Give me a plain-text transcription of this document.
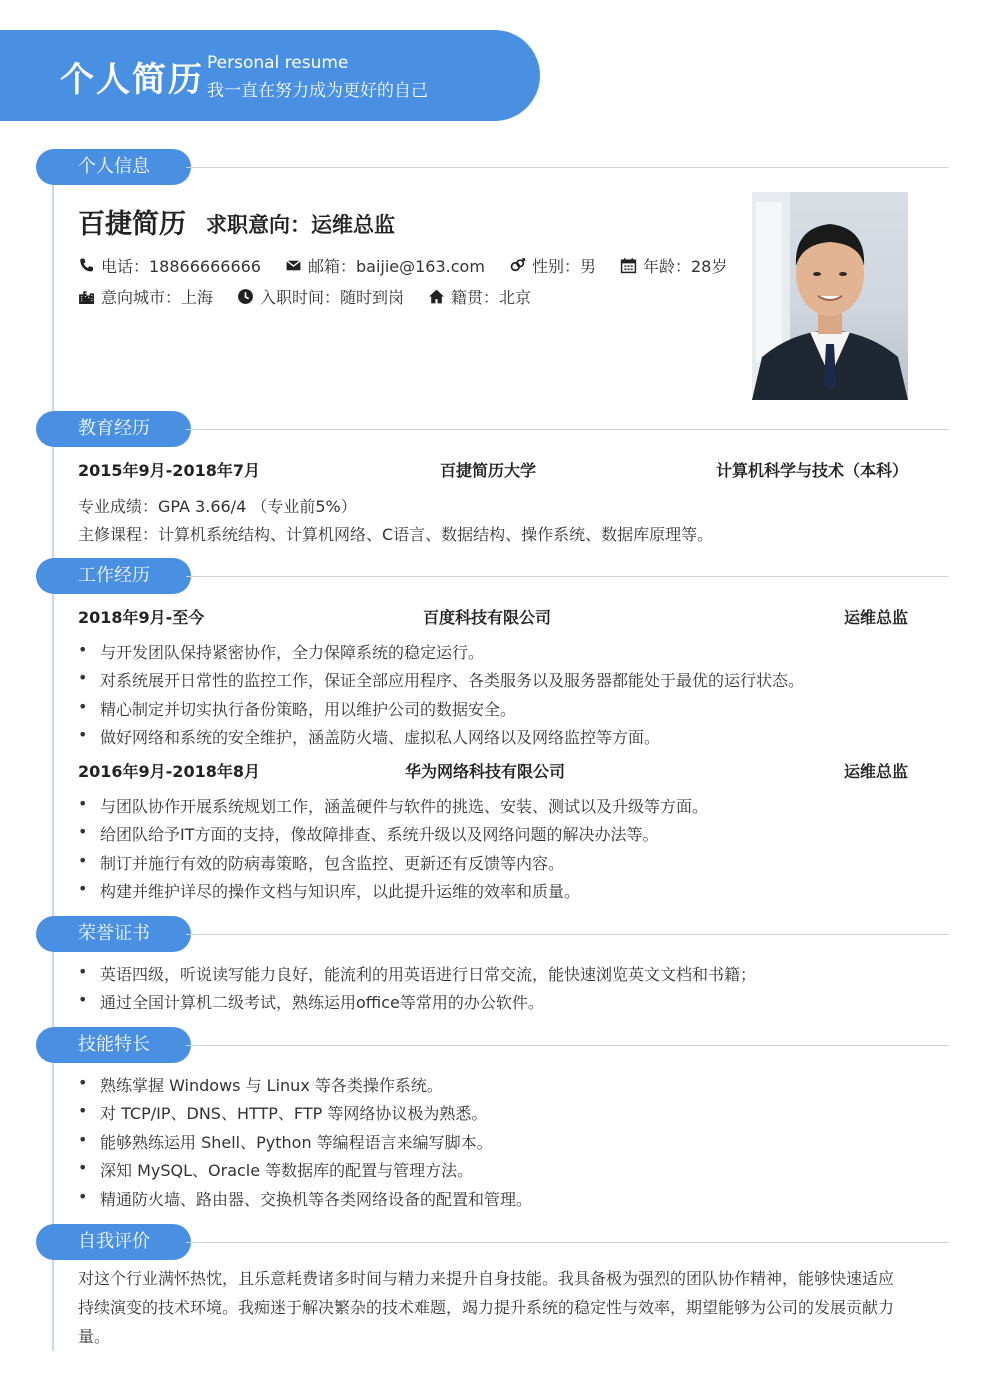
个人简历 Personal resume
我一直在努力成为更好的自己
个人信息
百捷简历 求职意向：运维总监
电话：18866666666	邮箱：baijie@163.com	性别：男	年龄：28岁
意向城市：上海	入职时间：随时到岗	籍贯：北京
教育经历
2015年9月-2018年7月	百捷简历大学	计算机科学与技术（本科）
专业成绩：GPA 3.66/4 （专业前5%）
主修课程：计算机系统结构、计算机网络、C语言、数据结构、操作系统、数据库原理等。
工作经历
2018年9月-至今	百度科技有限公司	运维总监
• 与开发团队保持紧密协作，全力保障系统的稳定运行。
• 对系统展开日常性的监控工作，保证全部应用程序、各类服务以及服务器都能处于最优的运行状态。
• 精心制定并切实执行备份策略，用以维护公司的数据安全。
• 做好网络和系统的安全维护，涵盖防火墙、虚拟私人网络以及网络监控等方面。
2016年9月-2018年8月	华为网络科技有限公司	运维总监
• 与团队协作开展系统规划工作，涵盖硬件与软件的挑选、安装、测试以及升级等方面。
• 给团队给予IT方面的支持，像故障排查、系统升级以及网络问题的解决办法等。
• 制订并施行有效的防病毒策略，包含监控、更新还有反馈等内容。
• 构建并维护详尽的操作文档与知识库，以此提升运维的效率和质量。
荣誉证书
• 英语四级，听说读写能力良好，能流利的用英语进行日常交流，能快速浏览英文文档和书籍；
• 通过全国计算机二级考试，熟练运用office等常用的办公软件。
技能特长
• 熟练掌握 Windows 与 Linux 等各类操作系统。
• 对 TCP/IP、DNS、HTTP、FTP 等网络协议极为熟悉。
• 能够熟练运用 Shell、Python 等编程语言来编写脚本。
• 深知 MySQL、Oracle 等数据库的配置与管理方法。
• 精通防火墙、路由器、交换机等各类网络设备的配置和管理。
自我评价
对这个行业满怀热忱，且乐意耗费诸多时间与精力来提升自身技能。我具备极为强烈的团队协作精神，能够快速适应持续演变的技术环境。我痴迷于解决繁杂的技术难题，竭力提升系统的稳定性与效率，期望能够为公司的发展贡献力量。
